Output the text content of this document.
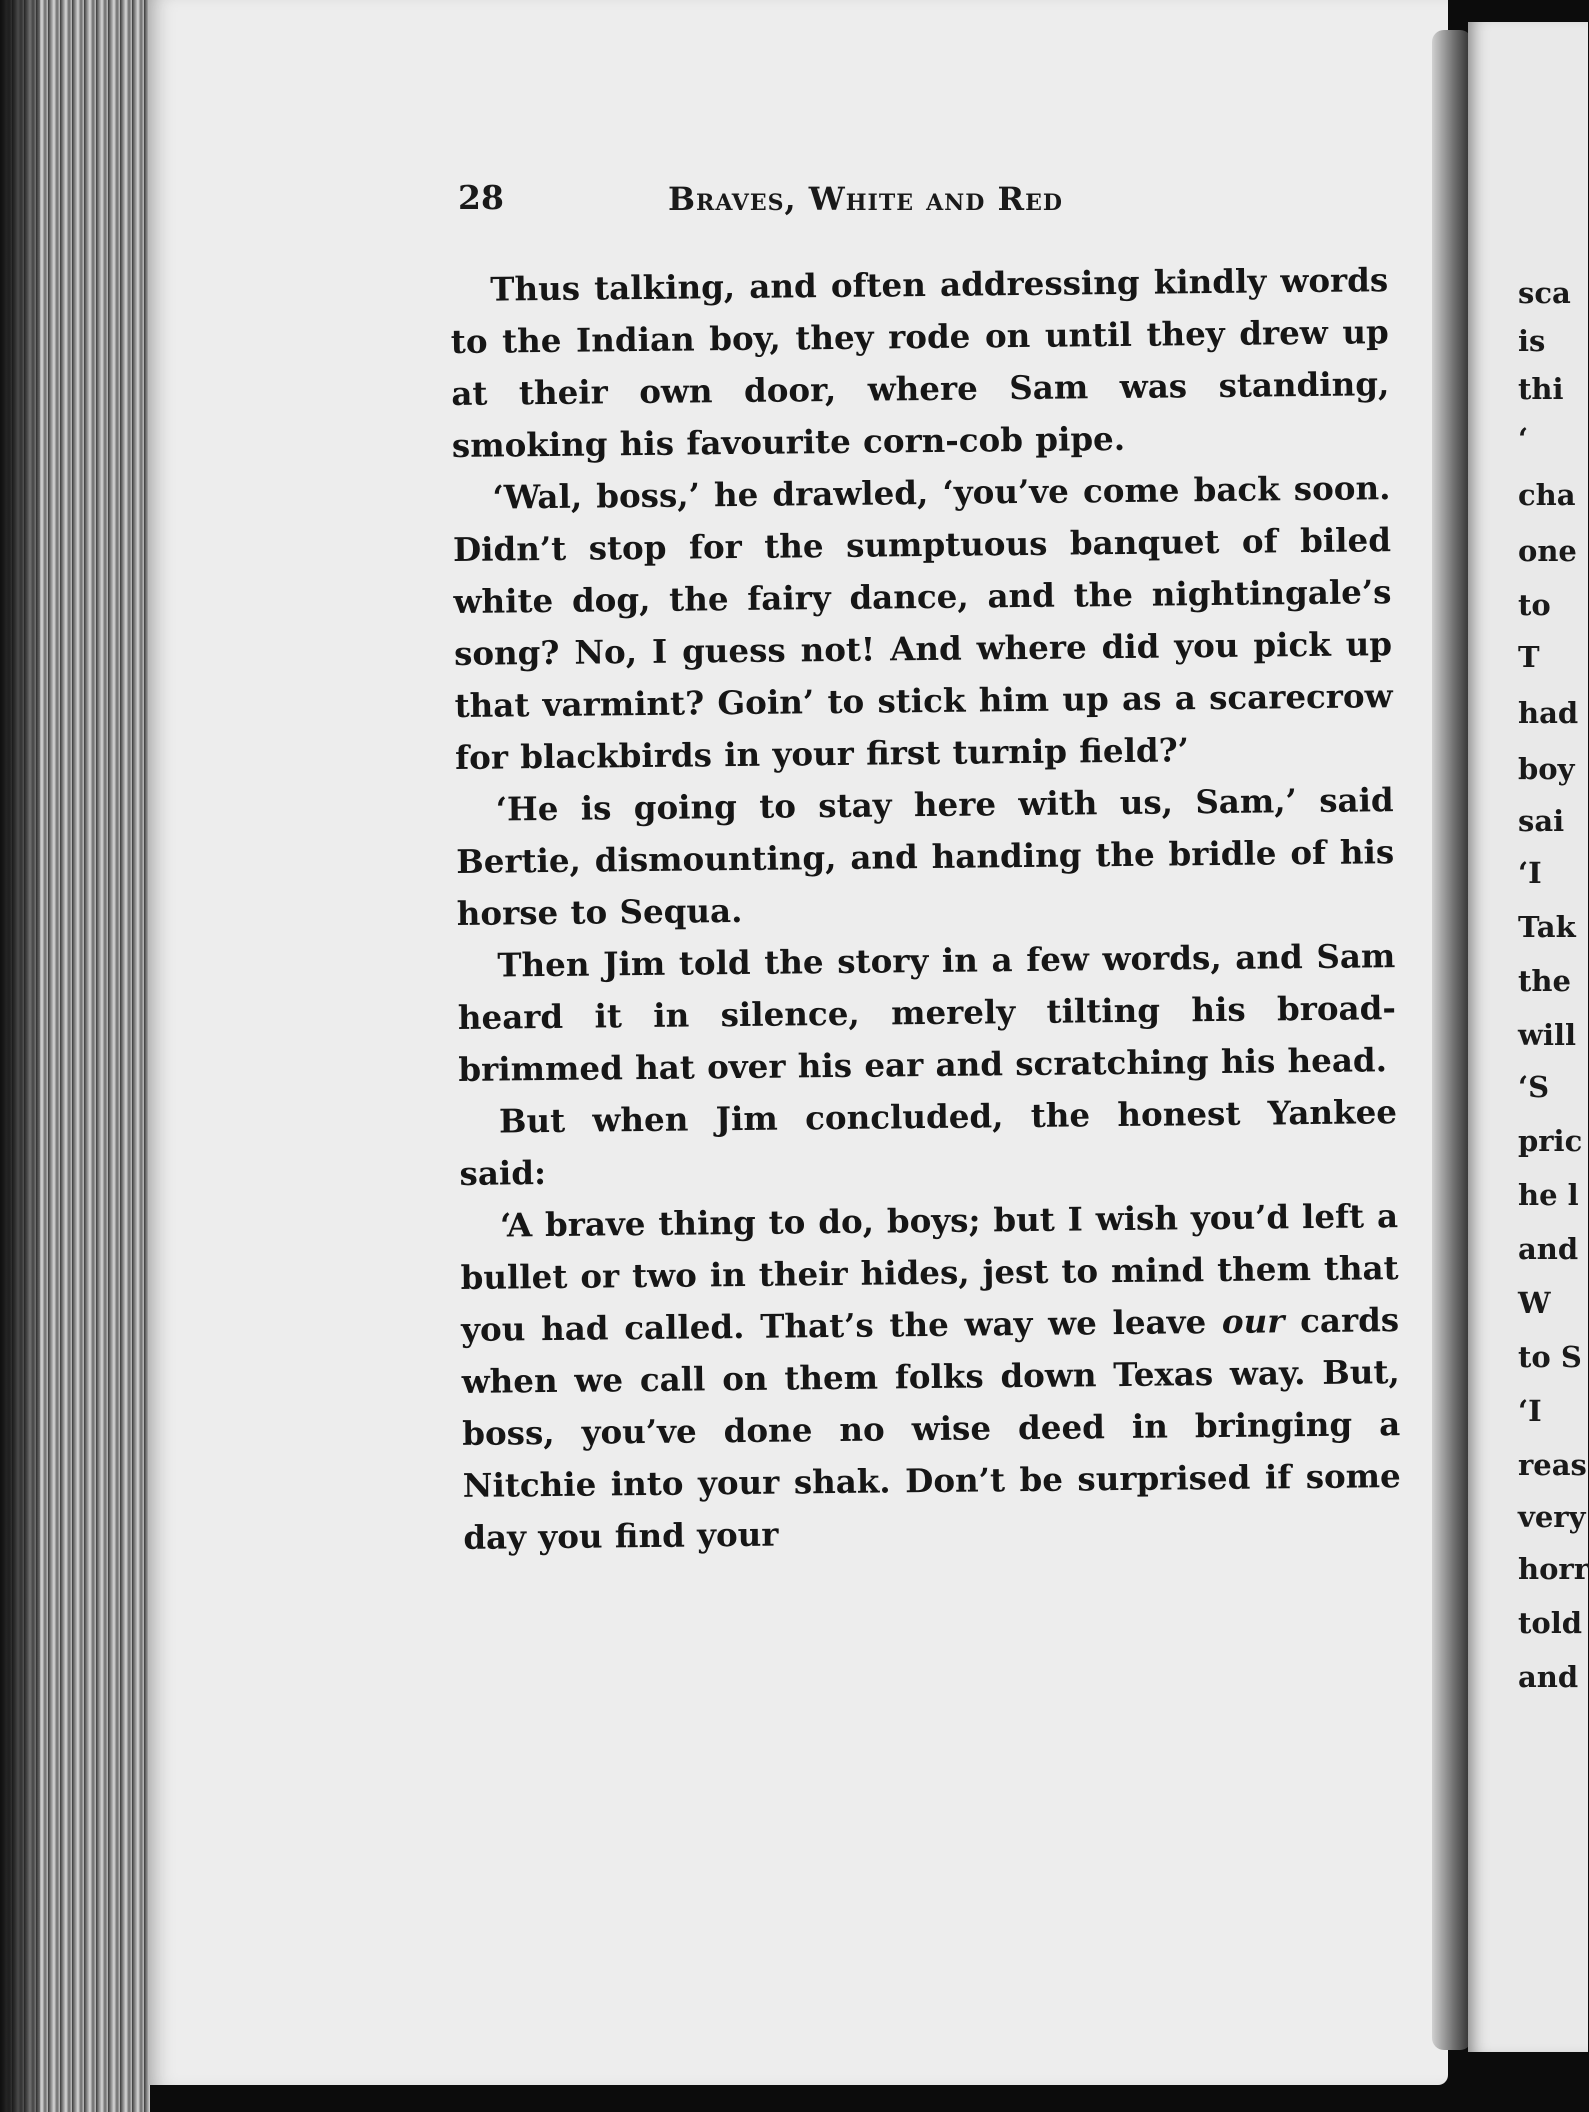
sca
is
thi
‘
cha
one
to
T
had
boy
sai
‘I
Tak
the
will
‘S
pric
he l
and
W
to S
‘I
reas
very
horr
told
and
28	Braves, White and Red

Thus talking, and often addressing kindly words to the Indian boy, they rode on until they drew up at their own door, where Sam was standing, smoking his favourite corn-cob pipe.

‘Wal, boss,’ he drawled, ‘you’ve come back soon. Didn’t stop for the sumptuous banquet of biled white dog, the fairy dance, and the nightingale’s song? No, I guess not! And where did you pick up that varmint? Goin’ to stick him up as a scarecrow for blackbirds in your first turnip field?’

‘He is going to stay here with us, Sam,’ said Bertie, dismounting, and handing the bridle of his horse to Sequa.

Then Jim told the story in a few words, and Sam heard it in silence, merely tilting his broad-brimmed hat over his ear and scratching his head.

But when Jim concluded, the honest Yankee said:

‘A brave thing to do, boys; but I wish you’d left a bullet or two in their hides, jest to mind them that you had called. That’s the way we leave our cards when we call on them folks down Texas way. But, boss, you’ve done no wise deed in bringing a Nitchie into your shak. Don’t be surprised if some day you find your
